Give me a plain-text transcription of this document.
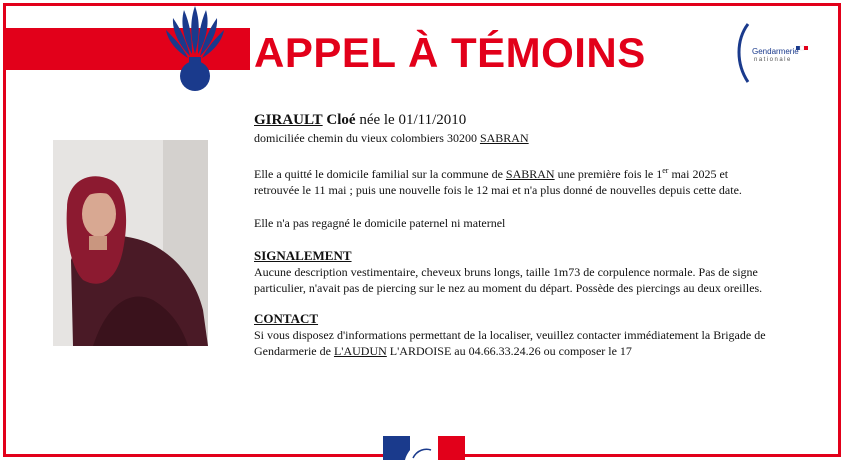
APPEL À TÉMOINS	Gendarmerie
nationale

GIRAULT Cloé née le 01/11/2010

domiciliée chemin du vieux colombiers 30200 SABRAN

Elle a quitté le domicile familial sur la commune de SABRAN une première fois le 1er mai 2025 et retrouvée le 11 mai ; puis une nouvelle fois le 12 mai et n'a plus donné de nouvelles depuis cette date.

Elle n'a pas regagné le domicile paternel ni maternel

SIGNALEMENT

Aucune description vestimentaire, cheveux bruns longs, taille 1m73 de corpulence normale. Pas de signe particulier, n'avait pas de piercing sur le nez au moment du départ. Possède des piercings au deux oreilles.

CONTACT

Si vous disposez d'informations permettant de la localiser, veuillez contacter immédiatement la Brigade de Gendarmerie de L'AUDUN L'ARDOISE au 04.66.33.24.26 ou composer le 17
